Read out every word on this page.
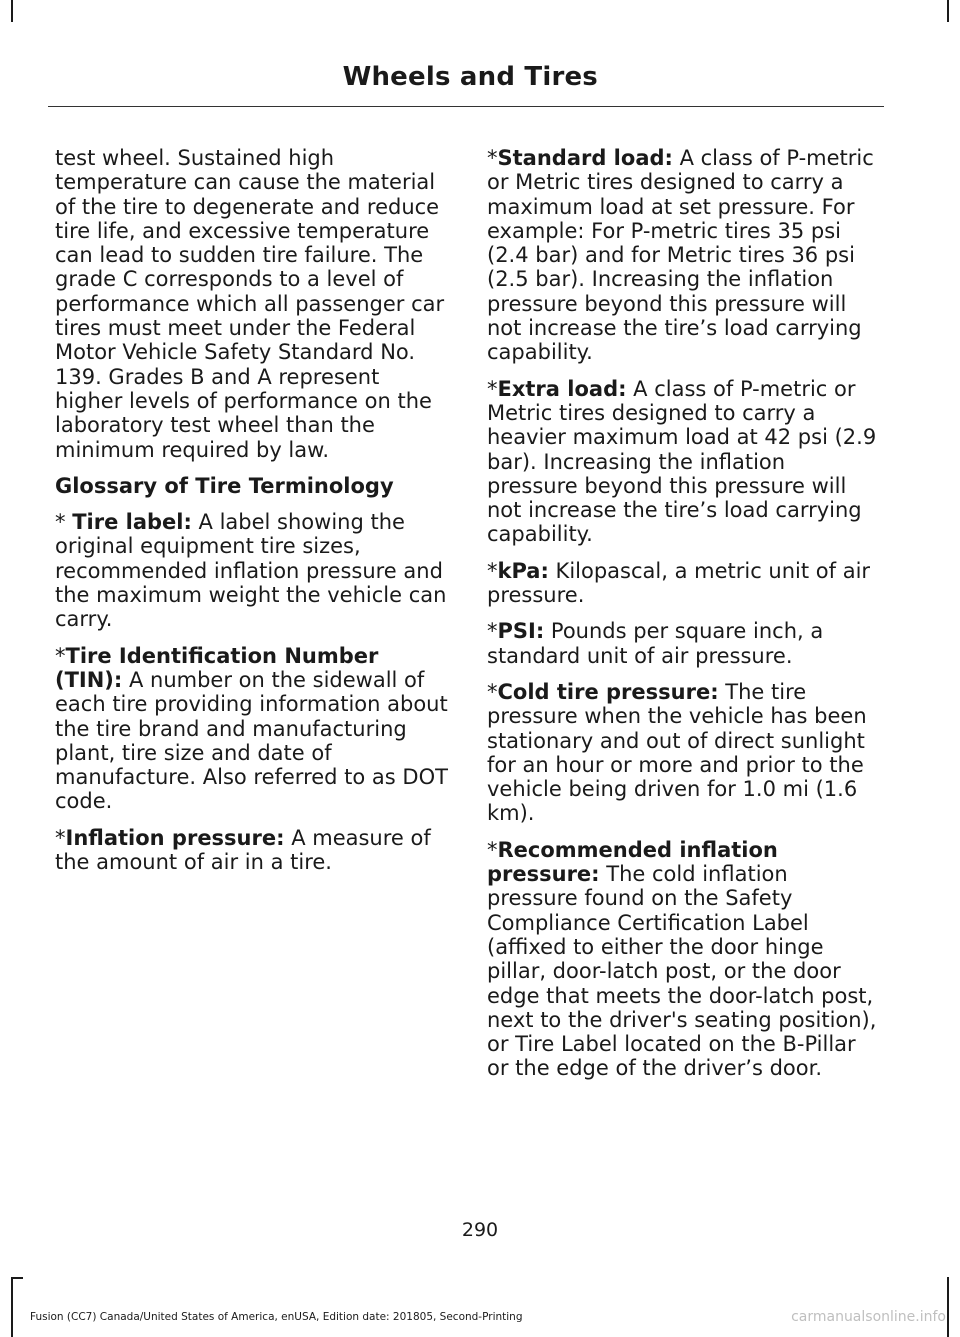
Wheels and Tires

test wheel. Sustained high temperature can cause the material of the tire to degenerate and reduce tire life, and excessive temperature can lead to sudden tire failure. The grade C corresponds to a level of performance which all passenger car tires must meet under the Federal Motor Vehicle Safety Standard No. 139. Grades B and A represent higher levels of performance on the laboratory test wheel than the minimum required by law.

Glossary of Tire Terminology

* Tire label: A label showing the original equipment tire sizes, recommended inflation pressure and the maximum weight the vehicle can carry.

*Tire Identification Number (TIN): A number on the sidewall of each tire providing information about the tire brand and manufacturing plant, tire size and date of manufacture. Also referred to as DOT code.

*Inflation pressure: A measure of the amount of air in a tire.

*Standard load: A class of P-metric or Metric tires designed to carry a maximum load at set pressure. For example: For P-metric tires 35 psi (2.4 bar) and for Metric tires 36 psi (2.5 bar). Increasing the inflation pressure beyond this pressure will not increase the tire’s load carrying capability.

*Extra load: A class of P-metric or Metric tires designed to carry a heavier maximum load at 42 psi (2.9 bar). Increasing the inflation pressure beyond this pressure will not increase the tire’s load carrying capability.

*kPa: Kilopascal, a metric unit of air pressure.

*PSI: Pounds per square inch, a standard unit of air pressure.

*Cold tire pressure: The tire pressure when the vehicle has been stationary and out of direct sunlight for an hour or more and prior to the vehicle being driven for 1.0 mi (1.6 km).

*Recommended inflation pressure: The cold inflation pressure found on the Safety Compliance Certification Label (affixed to either the door hinge pillar, door-latch post, or the door edge that meets the door-latch post, next to the driver's seating position), or Tire Label located on the B-Pillar or the edge of the driver’s door.

290
Fusion (CC7) Canada/United States of America, enUSA, Edition date: 201805, Second-Printing	carmanualsonline.info
